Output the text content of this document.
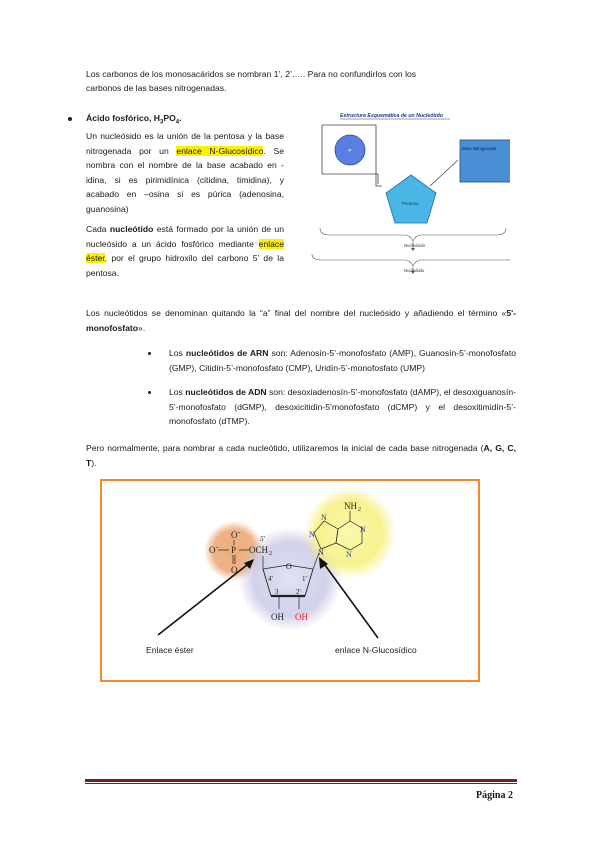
Los carbonos de los monosacáridos se nombran 1’, 2’….. Para no confundirlos con los

carbonos de las bases nitrogenadas.

Ácido fosfórico, $H_3PO_4$.

Un nucleósido es la unión de la pentosa y la base nitrogenada por un enlace N-Glucosídico. Se nombra con el nombre de la base acabado en -idina, si es pirimidínica (citidina, timidina), y acabado en –osina si es púrica (adenosina, guanosina)

Cada nucleótido está formado por la unión de un nucleósido a un ácido fosfórico mediante enlace éster, por el grupo hidroxilo del carbono 5’ de la pentosa.

Estructura Esquemática de un Nucleótido
P
Pentosa
Base Nitrogenada
Nucleósido
Nucleótido

Los nucleótidos se denominan quitando la “a” final del nombre del nucleósido y añadiendo el término «5'-monofosfato».

Los nucleótidos de ARN son: Adenosín-5’-monofosfato (AMP), Guanosín-5’-monofosfato (GMP), Citidín-5’-monofosfato (CMP), Uridín-5’-monofosfato (UMP)

Los nucleótidos de ADN son: desoxiadenosín-5’-monofosfato (dAMP), el desoxiguanosín-5’-monofosfato (dGMP), desoxicitidín-5’monofosfato (dCMP) y el desoxitimidín-5’-monofosfato (dTMP).

Pero normalmente, para nombrar a cada nucleótido, utilizaremos la inicial de cada base nitrogenada (A, G, C, T).

O -
O - P
O
OCH 2
5'
O
4'	1'
3	2'
OH OH
NH 2
N
N
N
N
N
Enlace éster	enlace N-Glucosídico
Página 2
